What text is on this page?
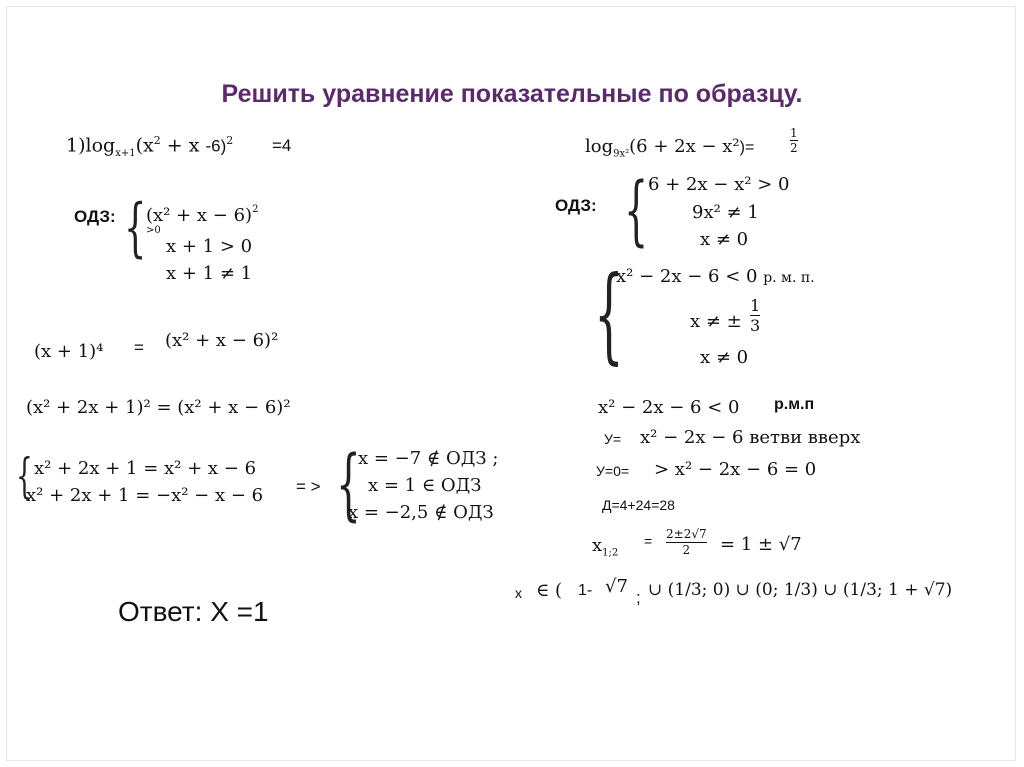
Решить уравнение показательные по образцу.
$1)\log_{x+1}(x^2 + x$ -6)$^2$ =4
ОДЗ: { $(x^2 + x - 6)^{2 >0}$
x + 1 > 0
x + 1 ≠ 1
(x + 1)⁴ = (x² + x − 6)²
(x² + 2x + 1)² = (x² + x − 6)²
{ x² + 2x + 1 = x² + x − 6
x² + 2x + 1 = −x² − x − 6 = > {
x = −7 ∉ ОДЗ ;
x = 1 ∈ ОДЗ
x = −2,5 ∉ ОДЗ
Ответ: Х =1
$\log_{9x^2}(6 + 2x - x^2)=$	$\frac{1}{2}$
ОДЗ: { 6 + 2x − x² > 0
9x² ≠ 1
x ≠ 0
{
x² − 2x − 6 < 0 р. м. п.
x ≠ ± $\frac{1}{3}$
x ≠ 0
x² − 2x − 6 < 0 р.м.п
У= x² − 2x − 6 ветви вверх
У=0= > x² − 2x − 6 = 0
Д=4+24=28
$x_{1;2}$
= $\frac{2\pm 2√7}{2} = 1 \pm √7$
х ∈ ( 1- √7
; ∪ (1/3; 0) ∪ (0; 1/3) ∪ (1/3; 1 + √7)
